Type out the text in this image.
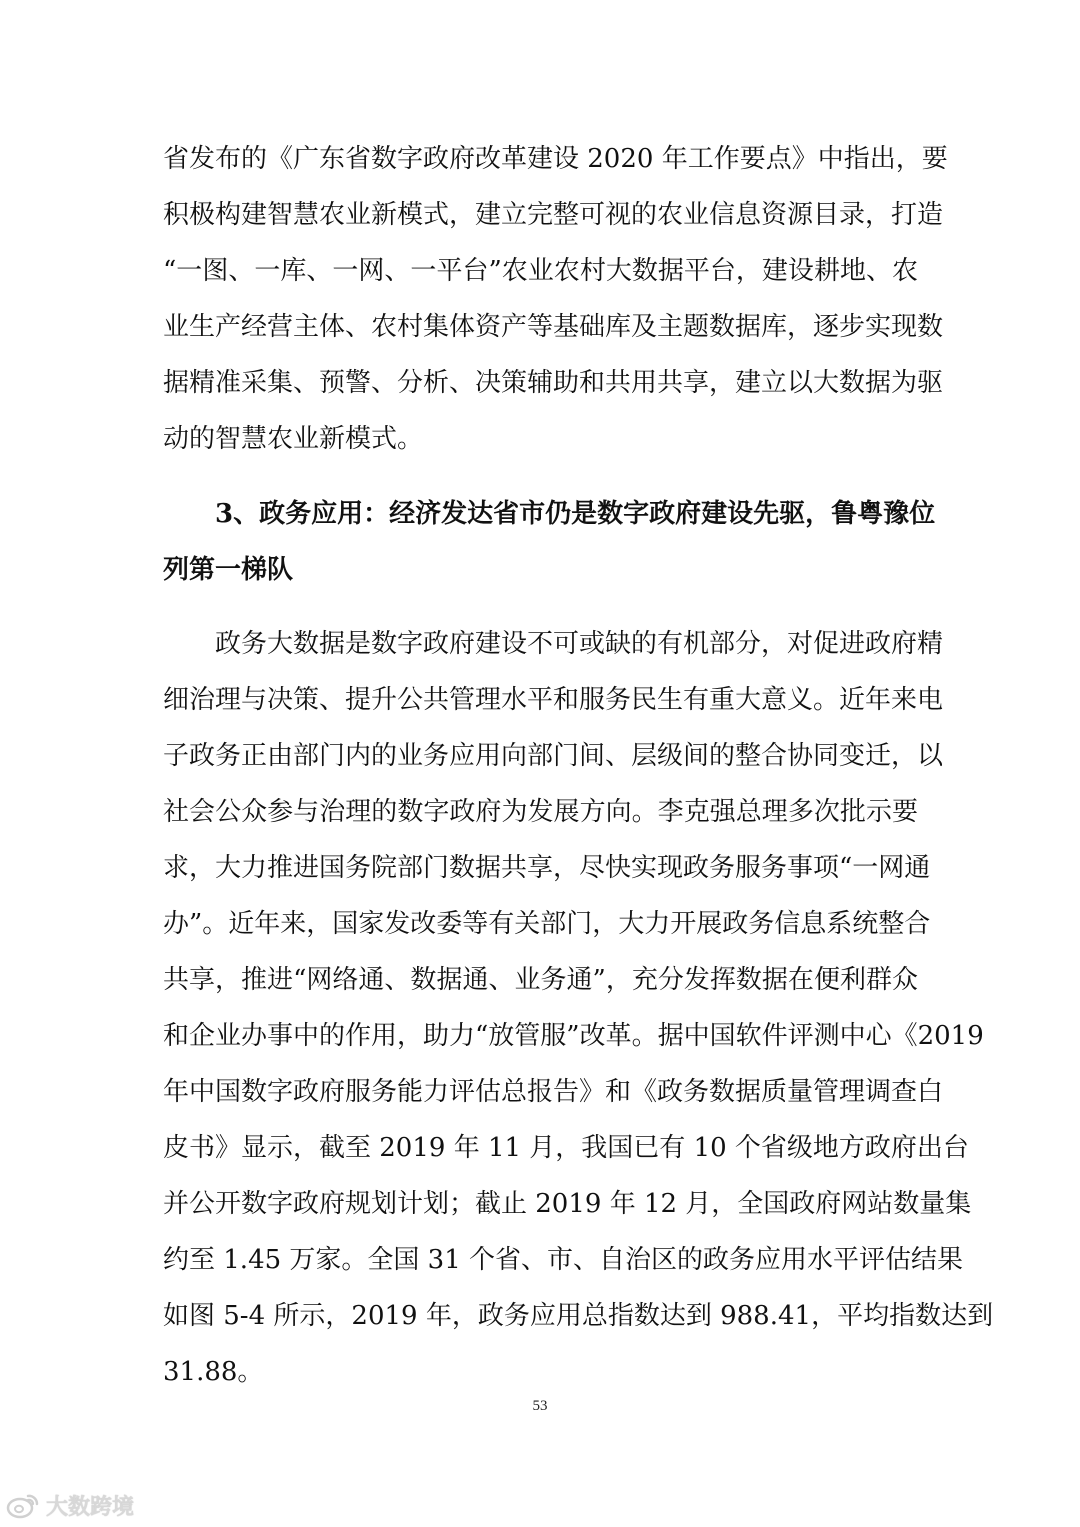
省发布的《广东省数字政府改革建设 2020 年工作要点》中指出，要
积极构建智慧农业新模式，建立完整可视的农业信息资源目录，打造
“一图、一库、一网、一平台”农业农村大数据平台，建设耕地、农
业生产经营主体、农村集体资产等基础库及主题数据库，逐步实现数
据精准采集、预警、分析、决策辅助和共用共享，建立以大数据为驱
动的智慧农业新模式。
3、政务应用：经济发达省市仍是数字政府建设先驱，鲁粤豫位
列第一梯队
政务大数据是数字政府建设不可或缺的有机部分，对促进政府精
细治理与决策、提升公共管理水平和服务民生有重大意义。近年来电
子政务正由部门内的业务应用向部门间、层级间的整合协同变迁，以
社会公众参与治理的数字政府为发展方向。李克强总理多次批示要
求，大力推进国务院部门数据共享，尽快实现政务服务事项“一网通
办”。近年来，国家发改委等有关部门，大力开展政务信息系统整合
共享，推进“网络通、数据通、业务通”，充分发挥数据在便利群众
和企业办事中的作用，助力“放管服”改革。据中国软件评测中心《2019
年中国数字政府服务能力评估总报告》和《政务数据质量管理调查白
皮书》显示，截至 2019 年 11 月，我国已有 10 个省级地方政府出台
并公开数字政府规划计划；截止 2019 年 12 月，全国政府网站数量集
约至 1.45 万家。全国 31 个省、市、自治区的政务应用水平评估结果
如图 5-4 所示，2019 年，政务应用总指数达到 988.41，平均指数达到
31.88。
53
大数跨境
